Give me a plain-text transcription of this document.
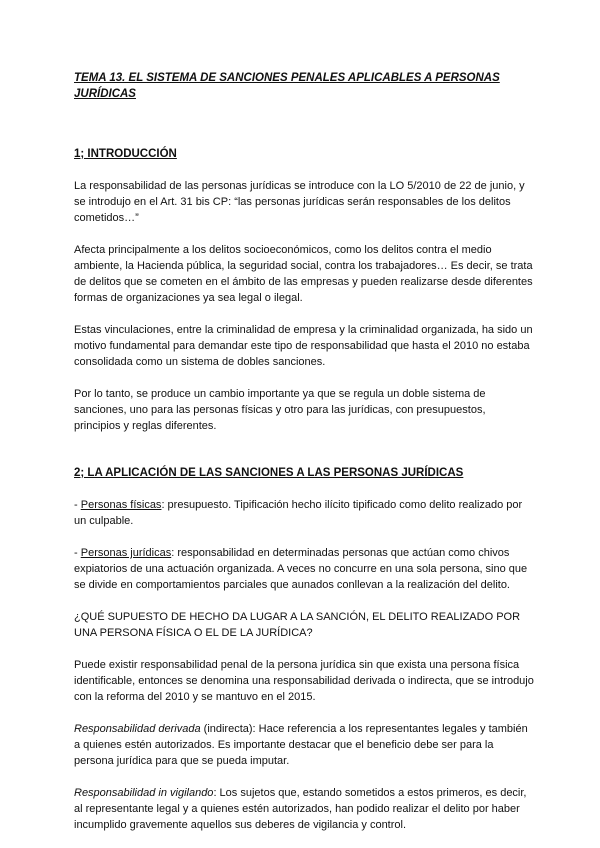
TEMA 13. EL SISTEMA DE SANCIONES PENALES APLICABLES A PERSONAS JURÍDICAS
1; INTRODUCCIÓN

La responsabilidad de las personas jurídicas se introduce con la LO 5/2010 de 22 de junio, y se introdujo en el Art. 31 bis CP: “las personas jurídicas serán responsables de los delitos cometidos…”

Afecta principalmente a los delitos socioeconómicos, como los delitos contra el medio ambiente, la Hacienda pública, la seguridad social, contra los trabajadores… Es decir, se trata de delitos que se cometen en el ámbito de las empresas y pueden realizarse desde diferentes formas de organizaciones ya sea legal o ilegal.

Estas vinculaciones, entre la criminalidad de empresa y la criminalidad organizada, ha sido un motivo fundamental para demandar este tipo de responsabilidad que hasta el 2010 no estaba consolidada como un sistema de dobles sanciones.

Por lo tanto, se produce un cambio importante ya que se regula un doble sistema de sanciones, uno para las personas físicas y otro para las jurídicas, con presupuestos, principios y reglas diferentes.

2; LA APLICACIÓN DE LAS SANCIONES A LAS PERSONAS JURÍDICAS

- Personas físicas: presupuesto. Tipificación hecho ilícito tipificado como delito realizado por un culpable.

- Personas jurídicas: responsabilidad en determinadas personas que actúan como chivos expiatorios de una actuación organizada. A veces no concurre en una sola persona, sino que se divide en comportamientos parciales que aunados conllevan a la realización del delito.

¿QUÉ SUPUESTO DE HECHO DA LUGAR A LA SANCIÓN, EL DELITO REALIZADO POR UNA PERSONA FÍSICA O EL DE LA JURÍDICA?

Puede existir responsabilidad penal de la persona jurídica sin que exista una persona física identificable, entonces se denomina una responsabilidad derivada o indirecta, que se introdujo con la reforma del 2010 y se mantuvo en el 2015.

Responsabilidad derivada (indirecta): Hace referencia a los representantes legales y también a quienes estén autorizados. Es importante destacar que el beneficio debe ser para la persona jurídica para que se pueda imputar.

Responsabilidad in vigilando: Los sujetos que, estando sometidos a estos primeros, es decir, al representante legal y a quienes estén autorizados, han podido realizar el delito por haber incumplido gravemente aquellos sus deberes de vigilancia y control.
